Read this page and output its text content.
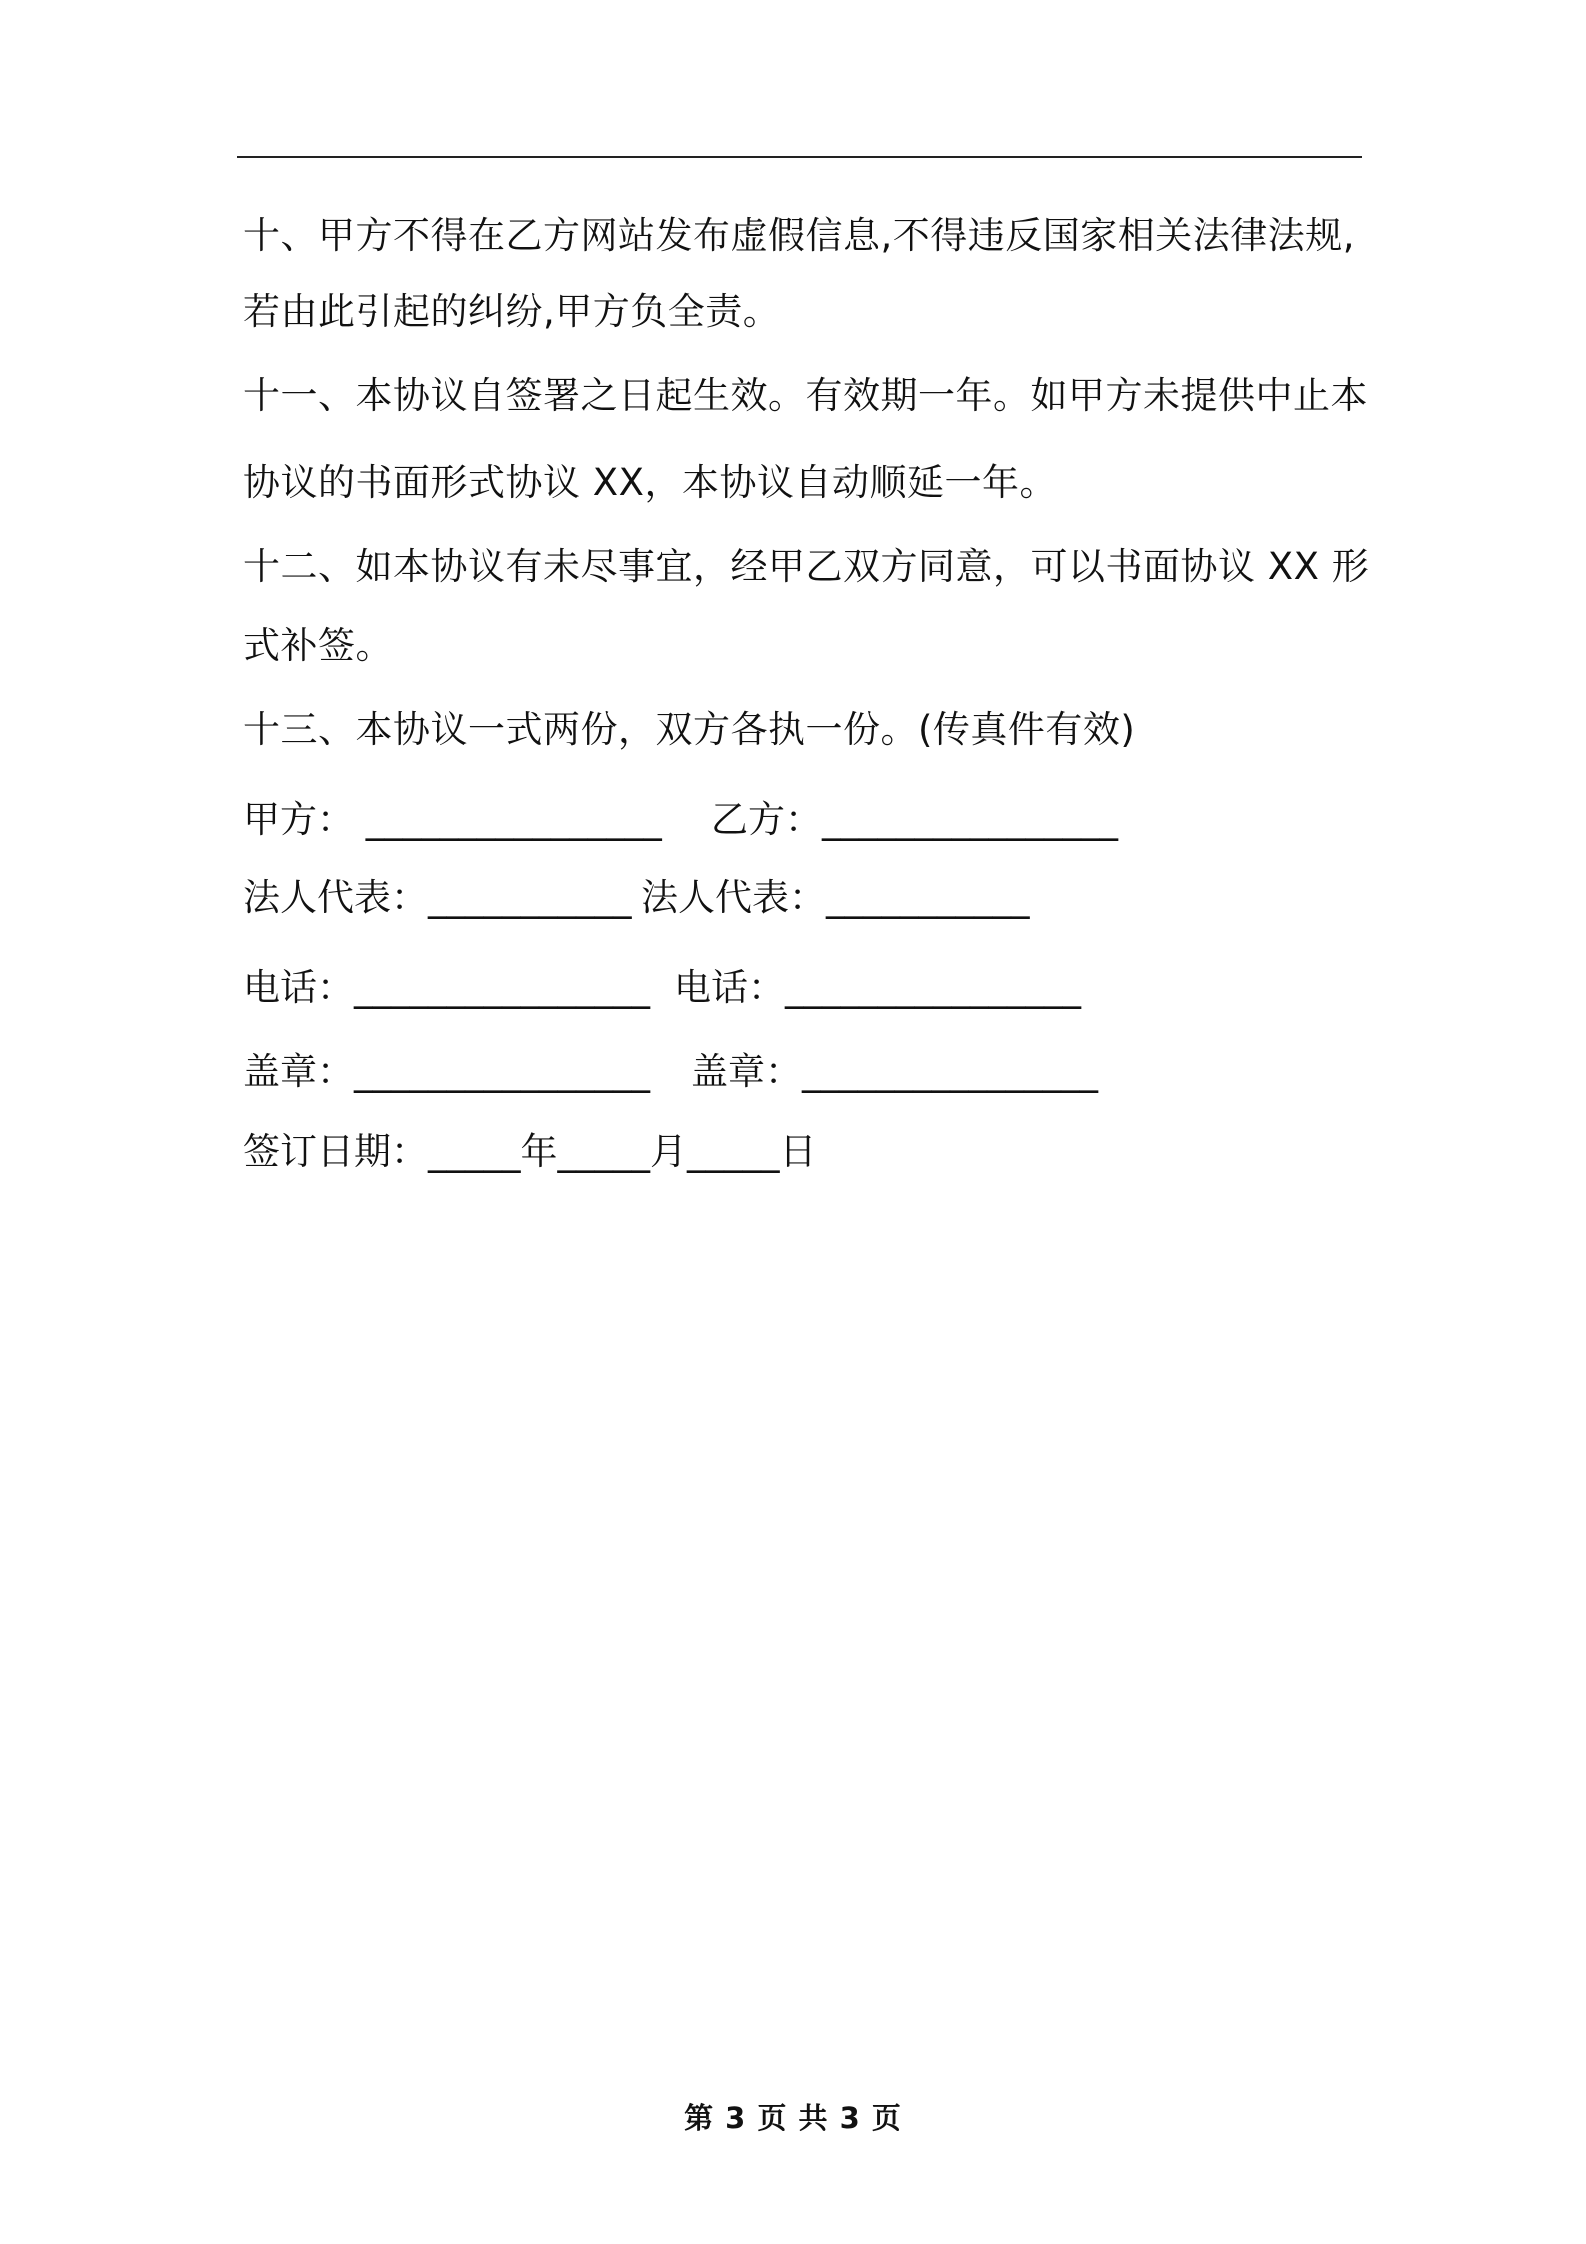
十、甲方不得在乙方网站发布虚假信息,不得违反国家相关法律法规,
若由此引起的纠纷,甲方负全责。
十一、本协议自签署之日起生效。有效期一年。如甲方未提供中止本
协议的书面形式协议 XX，本协议自动顺延一年。
十二、如本协议有未尽事宜，经甲乙双方同意，可以书面协议 XX 形
式补签。
十三、本协议一式两份，双方各执一份。(传真件有效)
甲方： ________________ 乙方：________________
法人代表：___________ 法人代表：___________
电话：________________ 电话：________________
盖章：________________ 盖章：________________
签订日期：_____年_____月_____日
第 3 页 共 3 页
